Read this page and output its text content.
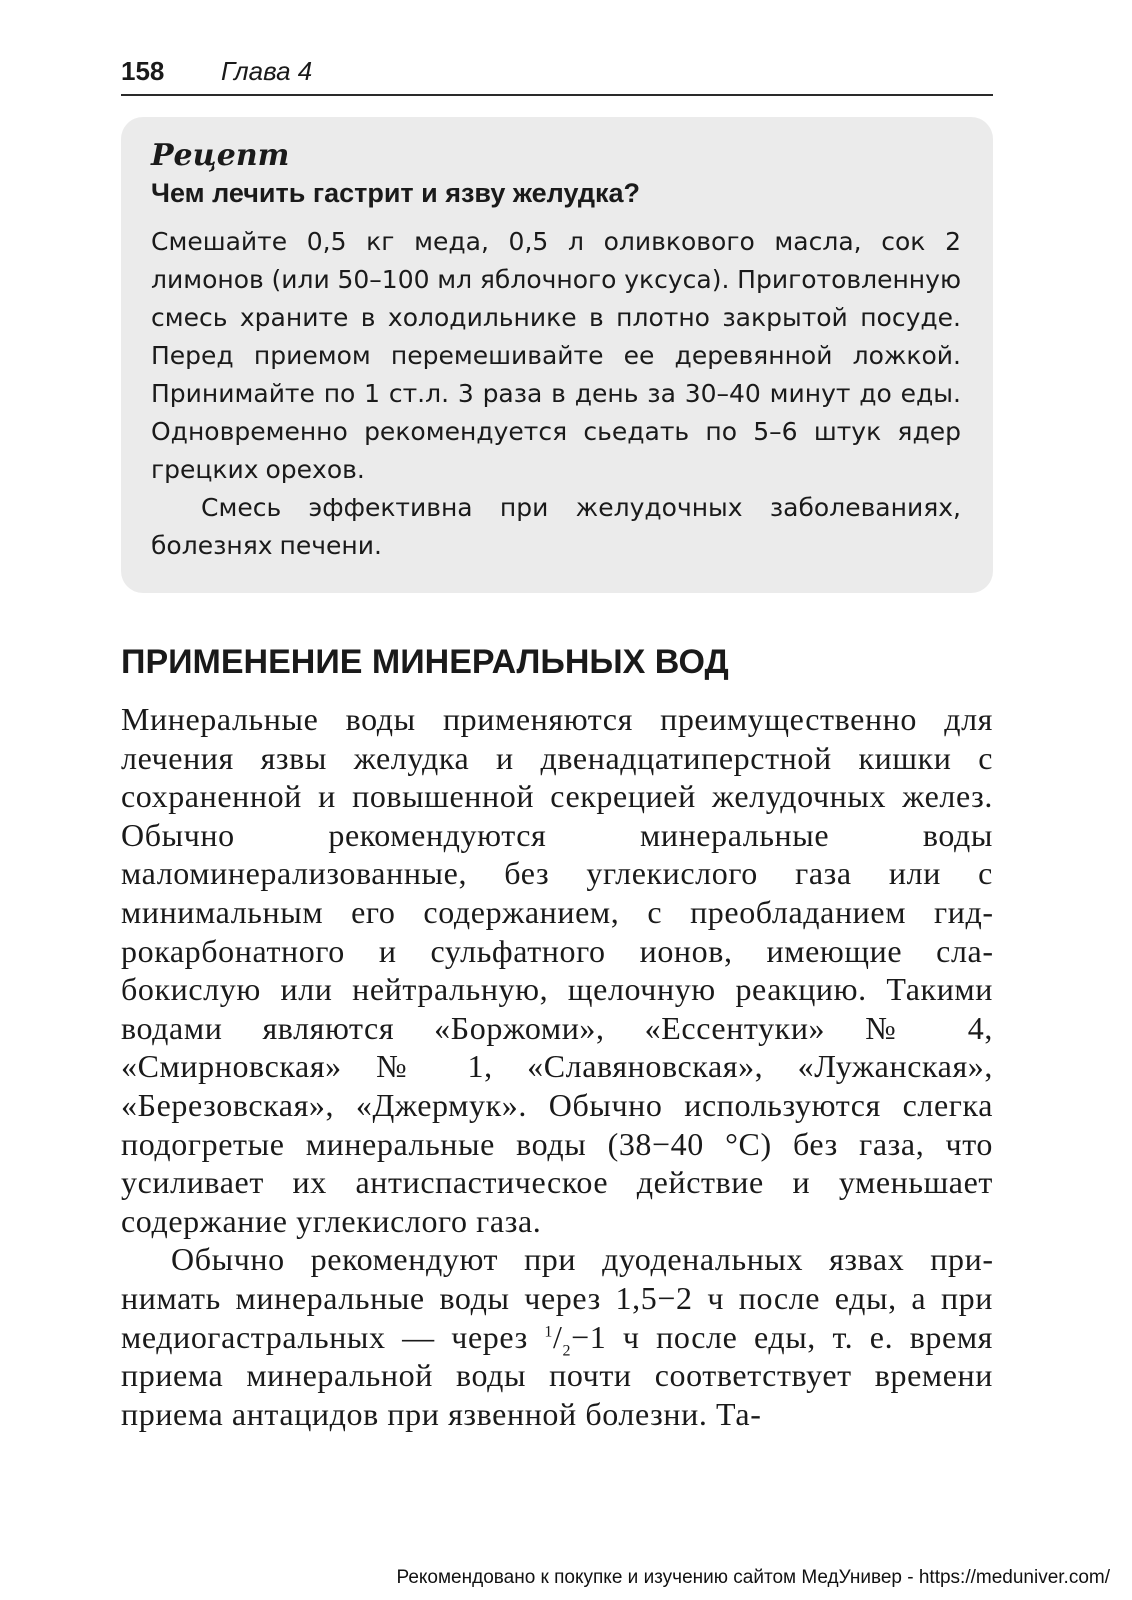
158 Глава 4
Рецепт
Чем лечить гастрит и язву желудка?

Смешайте 0,5 кг меда, 0,5 л оливкового масла, сок 2 лимонов (или 50–100 мл яблочного уксуса). Приготовленную смесь храните в холодильнике в плотно закрытой посуде. Перед приемом перемешивайте ее деревянной ложкой. Принимайте по 1 ст.л. 3 раза в день за 30–40 минут до еды. Одновременно рекомендуется сьедать по 5–6 штук ядер грецких орехов.

Смесь эффективна при желудочных заболеваниях, болезнях печени.

ПРИМЕНЕНИЕ МИНЕРАЛЬНЫХ ВОД

Минеральные воды применяются преимущественно для лечения язвы желудка и двенадцатиперстной кишки с сохраненной и повышенной секрецией желудочных желез. Обычно рекомендуются минеральные воды маломинерализованные, без углекислого газа или с минимальным его содержанием, с преобладанием гидрокарбонатного и сульфатного ионов, имеющие слабокислую или нейтральную, щелочную реакцию. Такими водами являются «Боржоми», «Ессентуки» № 4, «Смирновская» № 1, «Славяновская», «Лужанская», «Березовская», «Джермук». Обычно используются слегка подогретые минеральные воды (38−40 °С) без газа, что усиливает их антиспастическое действие и уменьшает содержание углекислого газа.

Обычно рекомендуют при дуоденальных язвах принимать минеральные воды через 1,5−2 ч после еды, а при медиогастральных — через $^1/_2-1$ ч после еды, т. е. время приема минеральной воды почти соответствует времени приема антацидов при язвенной болезни. Та-

Рекомендовано к покупке и изучению сайтом МедУнивер - https://meduniver.com/
